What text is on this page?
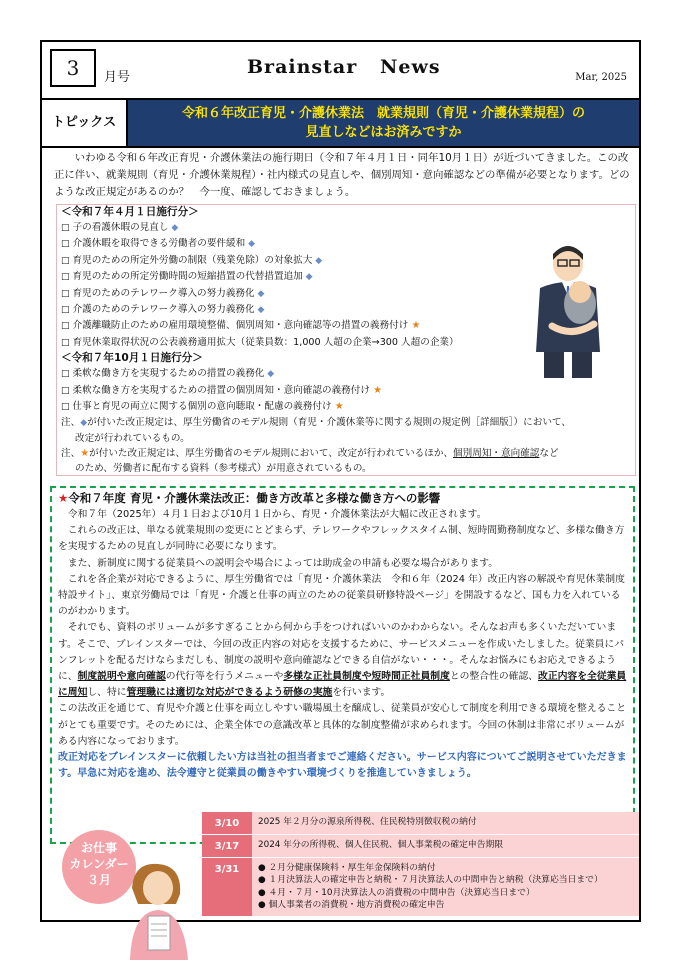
3	月号	Brainstar   News	Mar, 2025
トピックス
令和６年改正育児・介護休業法　就業規則（育児・介護休業規程）の
見直しなどはお済みですか
いわゆる令和６年改正育児・介護休業法の施行期日（令和７年４月１日・同年10月１日）が近づいてきました。この改正に伴い、就業規則（育児・介護休業規程）・社内様式の見直しや、個別周知・意向確認などの準備が必要となります。どのような改正規定があるのか？　今一度、確認しておきましょう。

＜令和７年４月１日施行分＞

□ 子の看護休暇の見直し ◆
□ 介護休暇を取得できる労働者の要件緩和 ◆
□ 育児のための所定外労働の制限（残業免除）の対象拡大 ◆
□ 育児のための所定労働時間の短縮措置の代替措置追加 ◆
□ 育児のためのテレワーク導入の努力義務化 ◆
□ 介護のためのテレワーク導入の努力義務化 ◆
□ 介護離職防止のための雇用環境整備、個別周知・意向確認等の措置の義務付け ★
□ 育児休業取得状況の公表義務適用拡大（従業員数：1,000 人超の企業→300 人超の企業）

＜令和７年10月１日施行分＞

□ 柔軟な働き方を実現するための措置の義務化 ◆
□ 柔軟な働き方を実現するための措置の個別周知・意向確認の義務付け ★
□ 仕事と育児の両立に関する個別の意向聴取・配慮の義務付け ★

注、◆が付いた改正規定は、厚生労働省のモデル規則（育児・介護休業等に関する規則の規定例［詳細版］）において、
改定が行われているもの。

注、★が付いた改正規定は、厚生労働省のモデル規則において、改定が行われているほか、個別周知・意向確認など
のため、労働者に配布する資料（参考様式）が用意されているもの。

★令和７年度 育児・介護休業法改正：働き方改革と多様な働き方への影響

令和７年（2025年）４月１日および10月１日から、育児・介護休業法が大幅に改正されます。

これらの改正は、単なる就業規則の変更にとどまらず、テレワークやフレックスタイム制、短時間勤務制度など、多様な働き方を実現するための見直しが同時に必要になります。

また、新制度に関する従業員への説明会や場合によっては助成金の申請も必要な場合があります。

これを各企業が対応できるように、厚生労働省では「育児・介護休業法　令和６年（2024 年）改正内容の解説や育児休業制度特設サイト」、東京労働局では「育児・介護と仕事の両立のための従業員研修特設ページ」を開設するなど、国も力を入れているのがわかります。

それでも、資料のボリュームが多すぎることから何から手をつければいいのかわからない。そんなお声も多くいただいています。そこで、ブレインスターでは、今回の改正内容の対応を支援するために、サービスメニューを作成いたしました。従業員にパンフレットを配るだけならまだしも、制度の説明や意向確認などできる自信がない・・・。そんなお悩みにもお応えできるように、制度説明や意向確認の代行等を行うメニューや多様な正社員制度や短時間正社員制度との整合性の確認、改正内容を全従業員に周知し、特に管理職には適切な対応ができるよう研修の実施を行います。

この法改正を通じて、育児や介護と仕事を両立しやすい職場風土を醸成し、従業員が安心して制度を利用できる環境を整えることがとても重要です。そのためには、企業全体での意識改革と具体的な制度整備が求められます。今回の休制は非常にボリュームがある内容になっております。

改正対応をブレインスターに依頼したい方は当社の担当者までご連絡ください。サービス内容についてご説明させていただきます。早急に対応を進め、法令遵守と従業員の働きやすい環境づくりを推進していきましょう。

お仕事
カレンダー
３月
3/10	2025 年２月分の源泉所得税、住民税特別徴収税の納付
3/17	2024 年分の所得税、個人住民税、個人事業税の確定申告期限
3/31	● ２月分健康保険料・厚生年金保険料の納付
● １月決算法人の確定申告と納税・７月決算法人の中間申告と納税（決算応当日まで）
● ４月・７月・10月決算法人の消費税の中間申告（決算応当日まで）
● 個人事業者の消費税・地方消費税の確定申告
